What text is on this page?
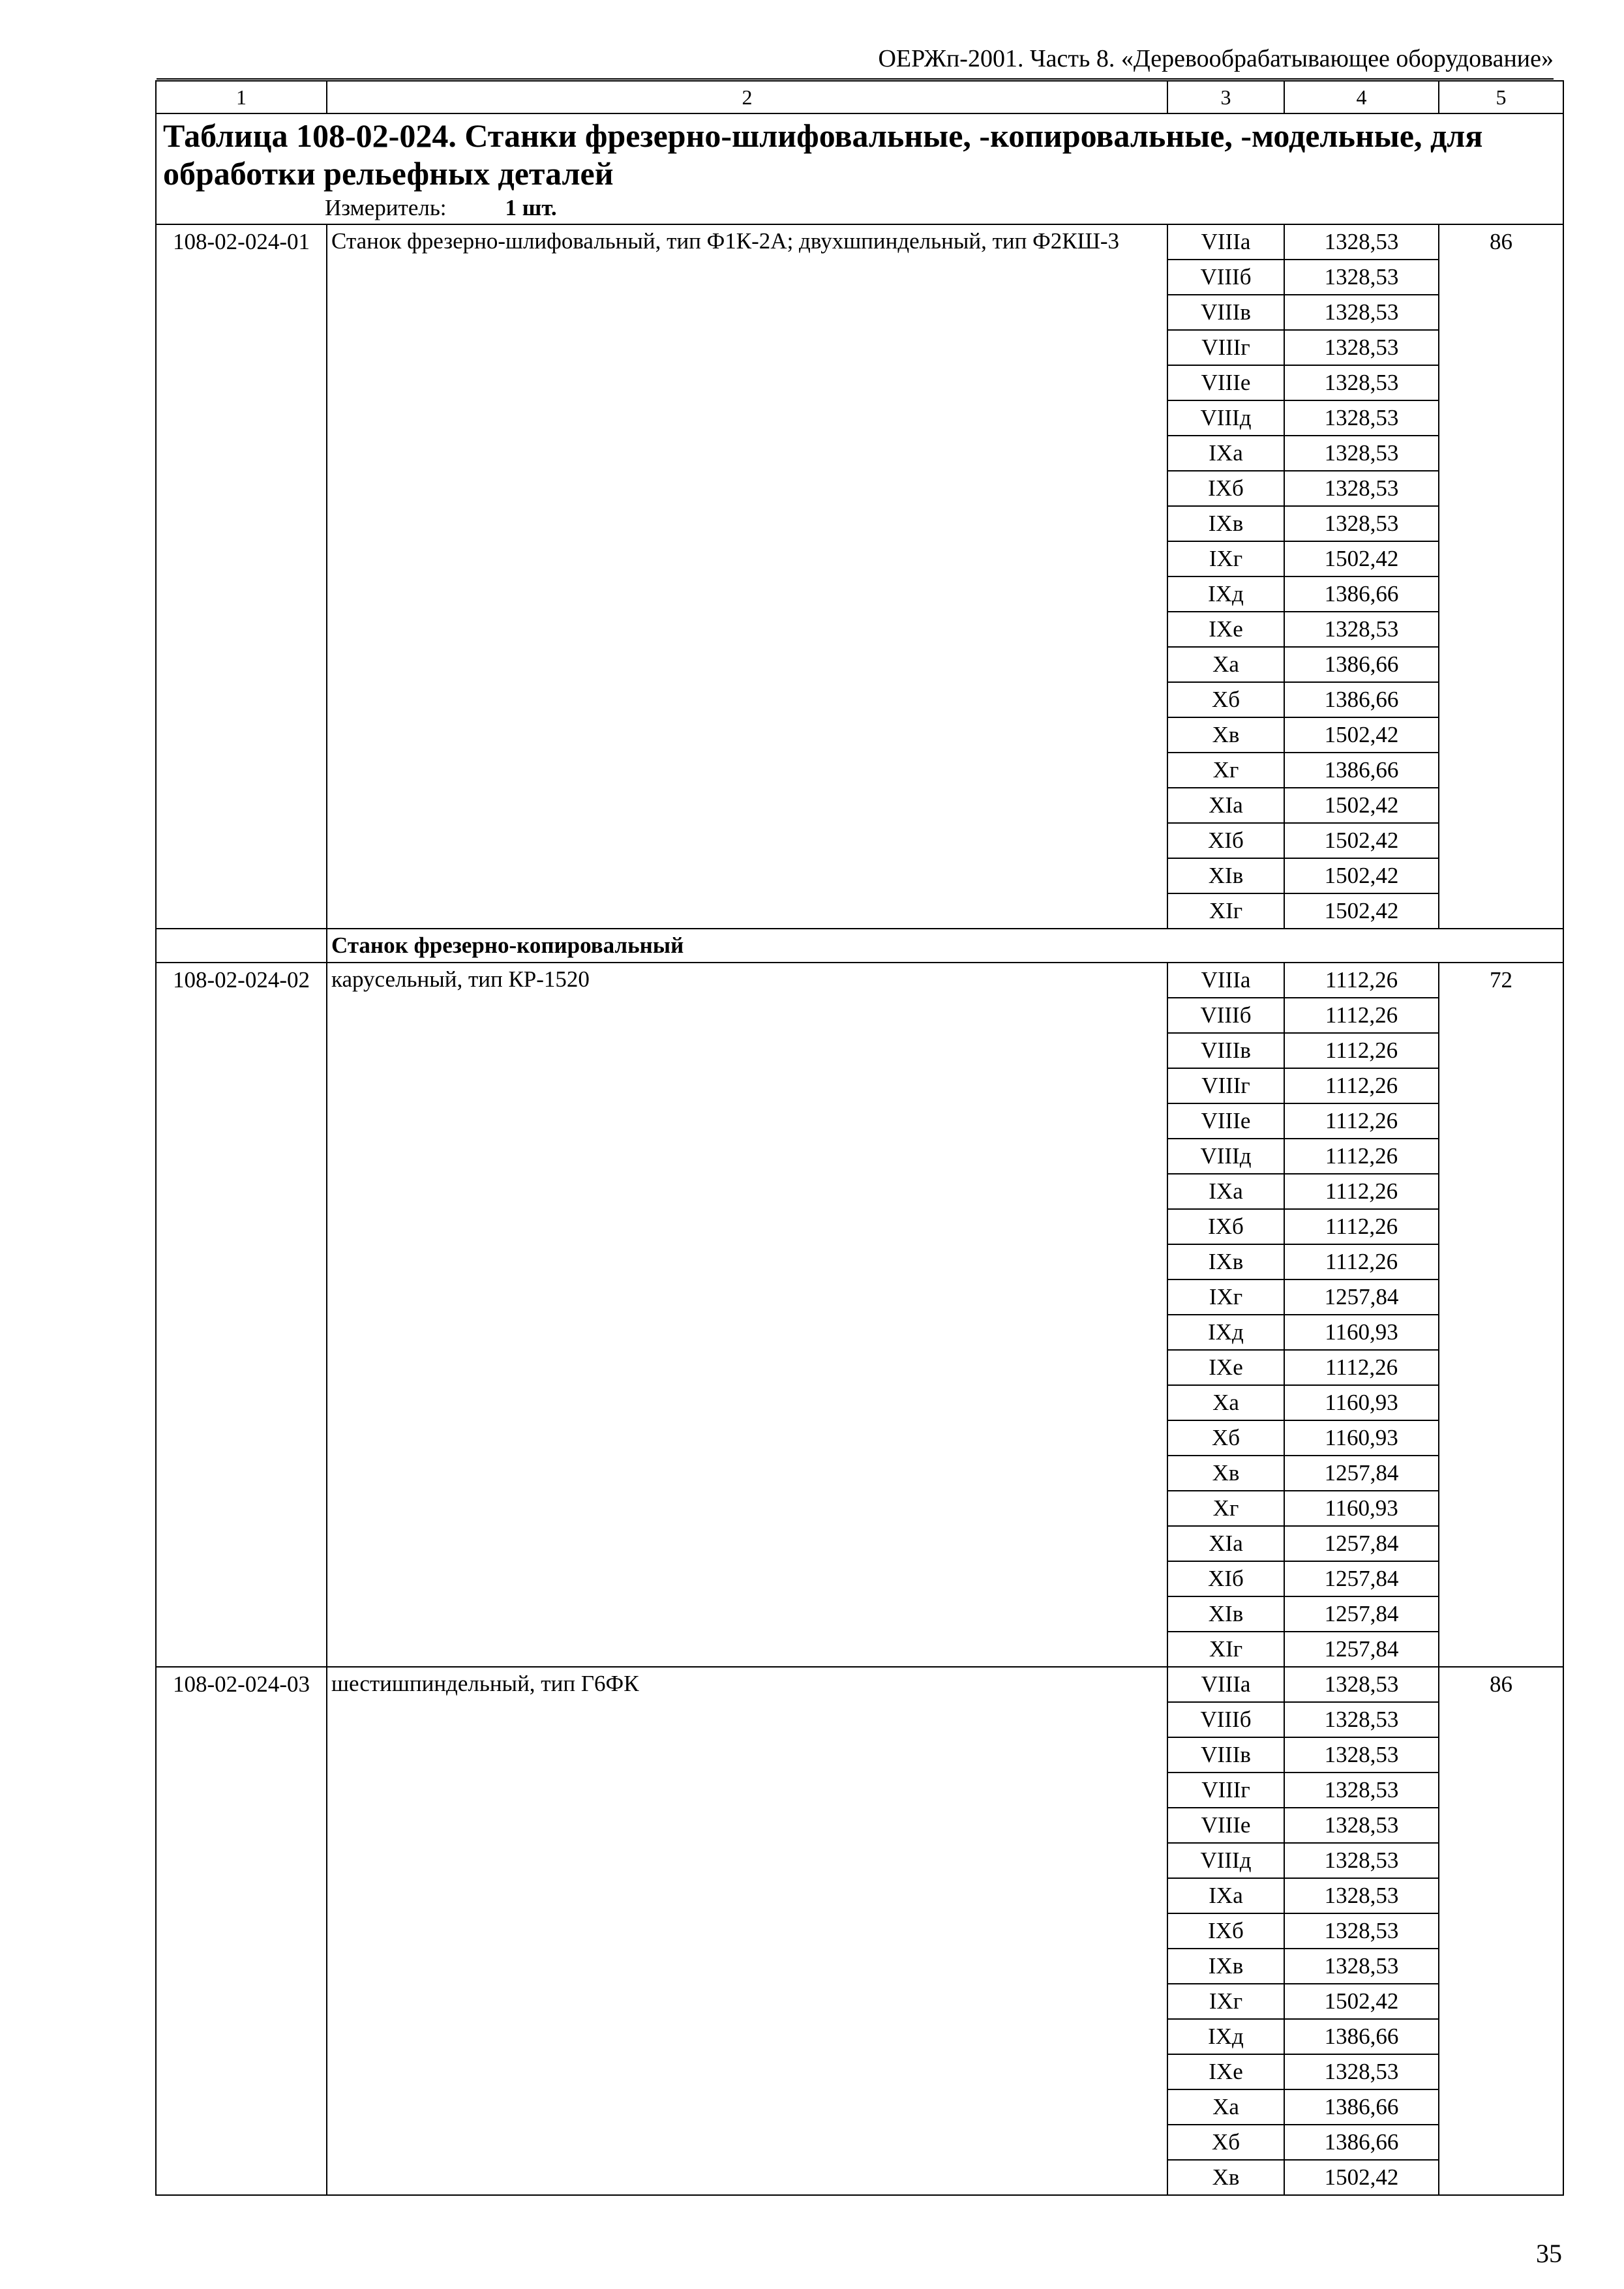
ОЕРЖп-2001. Часть 8. «Деревообрабатывающее оборудование»
1	2	3	4	5

Таблица 108-02-024. Станки фрезерно-шлифовальные, -копировальные, -модельные, для обработки рельефных деталей
Измеритель: 1 шт.				

108-02-024-01	Станок фрезерно-шлифовальный, тип Ф1К-2А; двухшпиндельный, тип Ф2КШ-3	VIIIа	1328,53	86
		VIIIб	1328,53	
		VIIIв	1328,53	
		VIIIг	1328,53	
		VIIIе	1328,53	
		VIIIд	1328,53	
		IXа	1328,53	
		IXб	1328,53	
		IXв	1328,53	
		IXг	1502,42	
		IXд	1386,66	
		IXе	1328,53	
		Xа	1386,66	
		Xб	1386,66	
		Xв	1502,42	
		Xг	1386,66	
		XIа	1502,42	
		XIб	1502,42	
		XIв	1502,42	
		XIг	1502,42	
	Станок фрезерно-копировальный			
108-02-024-02	карусельный, тип КР-1520	VIIIа	1112,26	72
		VIIIб	1112,26	
		VIIIв	1112,26	
		VIIIг	1112,26	
		VIIIе	1112,26	
		VIIIд	1112,26	
		IXа	1112,26	
		IXб	1112,26	
		IXв	1112,26	
		IXг	1257,84	
		IXд	1160,93	
		IXе	1112,26	
		Xа	1160,93	
		Xб	1160,93	
		Xв	1257,84	
		Xг	1160,93	
		XIа	1257,84	
		XIб	1257,84	
		XIв	1257,84	
		XIг	1257,84	
108-02-024-03	шестишпиндельный, тип Г6ФК	VIIIа	1328,53	86
		VIIIб	1328,53	
		VIIIв	1328,53	
		VIIIг	1328,53	
		VIIIе	1328,53	
		VIIIд	1328,53	
		IXа	1328,53	
		IXб	1328,53	
		IXв	1328,53	
		IXг	1502,42	
		IXд	1386,66	
		IXе	1328,53	
		Xа	1386,66	
		Xб	1386,66	
		Xв	1502,42	
35
